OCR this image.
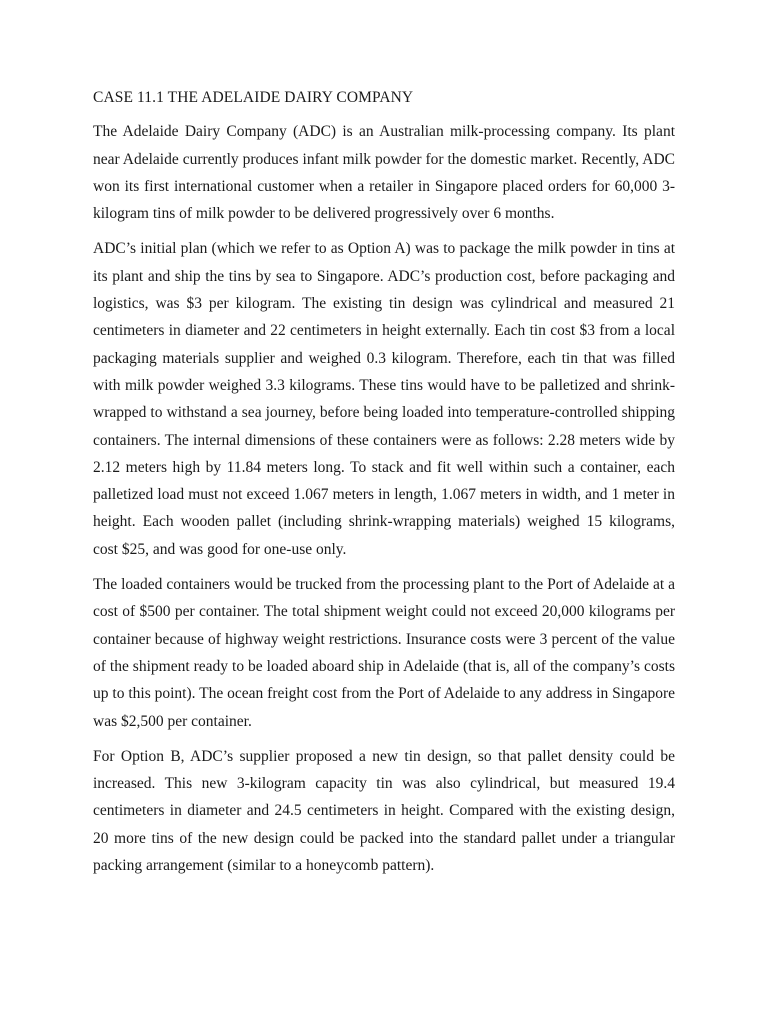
CASE 11.1 THE ADELAIDE DAIRY COMPANY

The Adelaide Dairy Company (ADC) is an Australian milk-processing company. Its plant near Adelaide currently produces infant milk powder for the domestic market. Recently, ADC won its first international customer when a retailer in Singapore placed orders for 60,000 3-kilogram tins of milk powder to be delivered progressively over 6 months.

ADC’s initial plan (which we refer to as Option A) was to package the milk powder in tins at its plant and ship the tins by sea to Singapore. ADC’s production cost, before packaging and logistics, was $3 per kilogram. The existing tin design was cylindrical and measured 21 centimeters in diameter and 22 centimeters in height externally. Each tin cost $3 from a local packaging materials supplier and weighed 0.3 kilogram. Therefore, each tin that was filled with milk powder weighed 3.3 kilograms. These tins would have to be palletized and shrink-wrapped to withstand a sea journey, before being loaded into temperature-controlled shipping containers. The internal dimensions of these containers were as follows: 2.28 meters wide by 2.12 meters high by 11.84 meters long. To stack and fit well within such a container, each palletized load must not exceed 1.067 meters in length, 1.067 meters in width, and 1 meter in height. Each wooden pallet (including shrink-wrapping materials) weighed 15 kilograms, cost $25, and was good for one-use only.

The loaded containers would be trucked from the processing plant to the Port of Adelaide at a cost of $500 per container. The total shipment weight could not exceed 20,000 kilograms per container because of highway weight restrictions. Insurance costs were 3 percent of the value of the shipment ready to be loaded aboard ship in Adelaide (that is, all of the company’s costs up to this point). The ocean freight cost from the Port of Adelaide to any address in Singapore was $2,500 per container.

For Option B, ADC’s supplier proposed a new tin design, so that pallet density could be increased. This new 3-kilogram capacity tin was also cylindrical, but measured 19.4 centimeters in diameter and 24.5 centimeters in height. Compared with the existing design, 20 more tins of the new design could be packed into the standard pallet under a triangular packing arrangement (similar to a honeycomb pattern).
